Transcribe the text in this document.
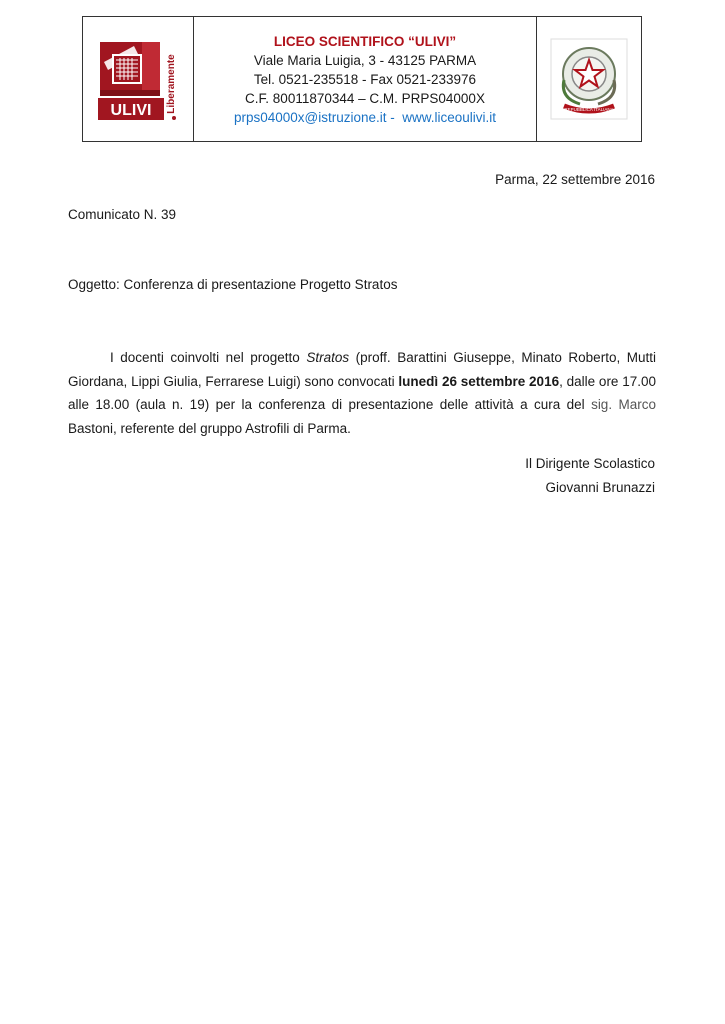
ULIVI Liberamente
LICEO SCIENTIFICO “ULIVI”
Viale Maria Luigia, 3 - 43125 PARMA
Tel. 0521-235518 - Fax 0521-233976
C.F. 80011870344 – C.M. PRPS04000X
prps04000x@istruzione.it -  www.liceoulivi.it	REPUBBLICA ITALIANA
Parma, 22 settembre 2016
Comunicato N. 39
Oggetto: Conferenza di presentazione Progetto Stratos
I docenti coinvolti nel progetto Stratos (proff. Barattini Giuseppe, Minato Roberto, Mutti Giordana, Lippi Giulia, Ferrarese Luigi) sono convocati lunedì 26 settembre 2016, dalle ore 17.00 alle 18.00 (aula n. 19) per la conferenza di presentazione delle attività a cura del sig. Marco Bastoni, referente del gruppo Astrofili di Parma.
Il Dirigente Scolastico
Giovanni Brunazzi
